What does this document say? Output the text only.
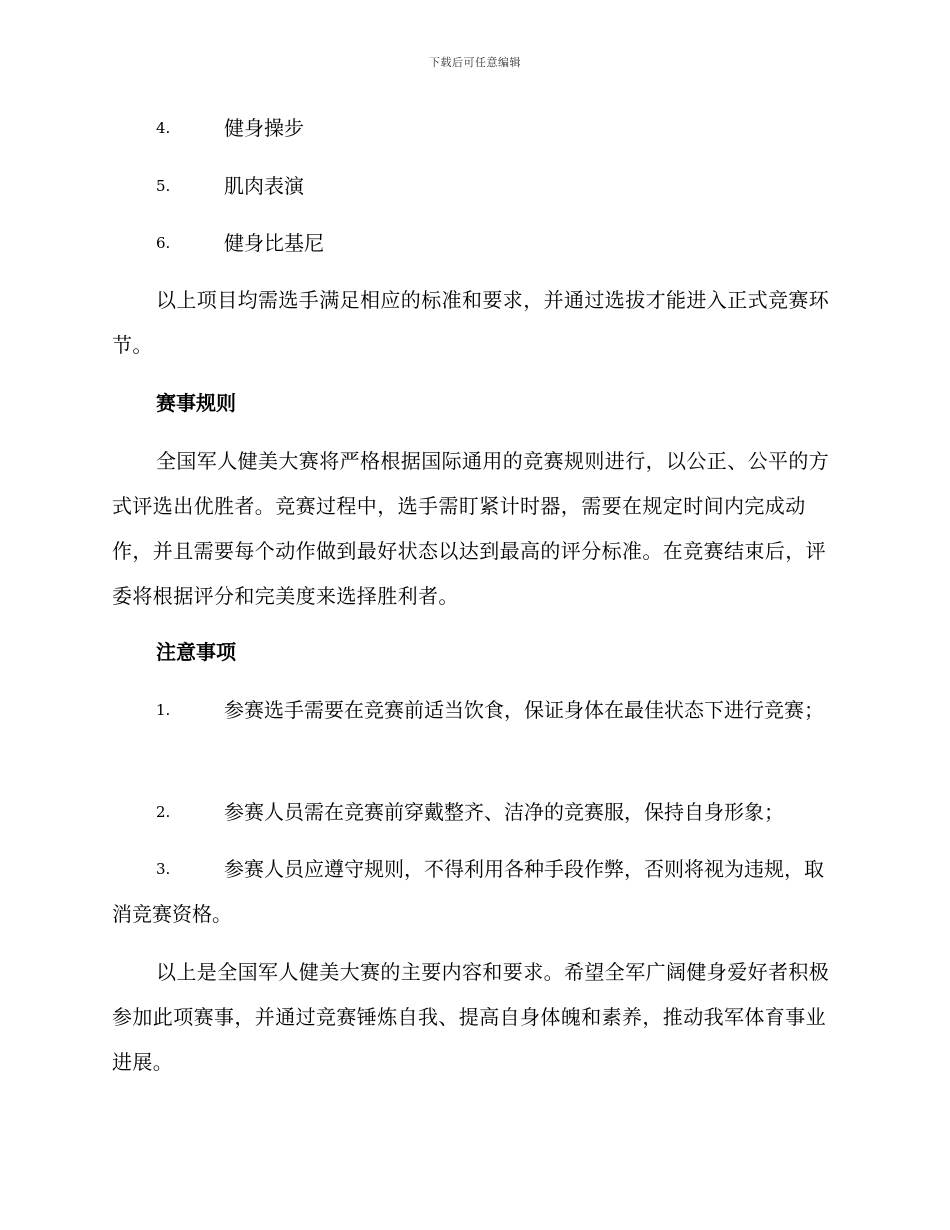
下载后可任意编辑
4.	健身操步
5.	肌肉表演
6.	健身比基尼
以上项目均需选手满足相应的标准和要求，并通过选拔才能进入正式竞赛环节。
赛事规则
全国军人健美大赛将严格根据国际通用的竞赛规则进行，以公正、公平的方式评选出优胜者。竞赛过程中，选手需盯紧计时器，需要在规定时间内完成动作，并且需要每个动作做到最好状态以达到最高的评分标准。在竞赛结束后，评委将根据评分和完美度来选择胜利者。
注意事项
1.	参赛选手需要在竞赛前适当饮食，保证身体在最佳状态下进行竞赛；
2.	参赛人员需在竞赛前穿戴整齐、洁净的竞赛服，保持自身形象；
3.	参赛人员应遵守规则，不得利用各种手段作弊，否则将视为违规，取消竞赛资格。
以上是全国军人健美大赛的主要内容和要求。希望全军广阔健身爱好者积极参加此项赛事，并通过竞赛锤炼自我、提高自身体魄和素养，推动我军体育事业进展。
